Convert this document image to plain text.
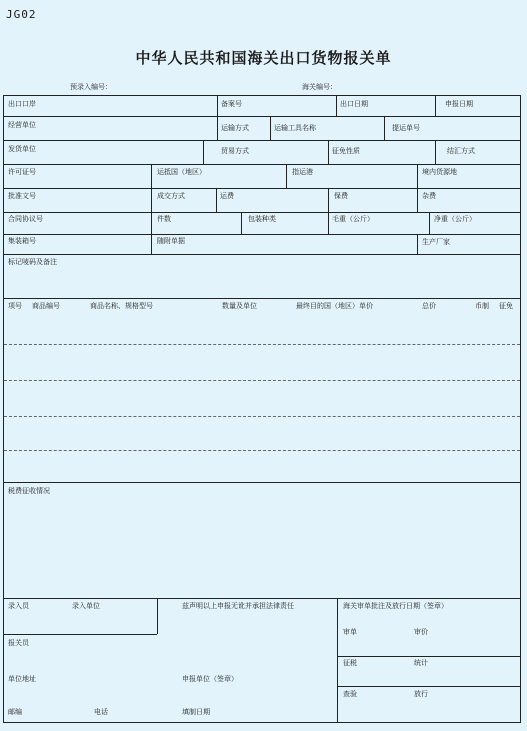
JG02
中华人民共和国海关出口货物报关单
预录入编号：	海关编号：
出口口岸	备案号	出口日期	申报日期
经营单位	运输方式	运输工具名称	提运单号
发货单位	贸易方式	征免性质	结汇方式
许可证号	运抵国（地区）	指运港	境内货源地
批准文号	成交方式	运费	保费	杂费
合同协议号	件数	包装种类	毛重（公斤）	净重（公斤）
集装箱号	随附单据	生产厂家
标记唛码及备注
项号 商品编号	商品名称、规格型号	数量及单位	最终目的国（地区）单价	总价	币制 征免
税费征收情况
录入员	录入单位	兹声明以上申报无讹并承担法律责任	海关审单批注及放行日期（签章）
报关员
审单	审价
征税	统计
单位地址	申报单位（签章）
查验	放行
邮编	电话	填制日期
